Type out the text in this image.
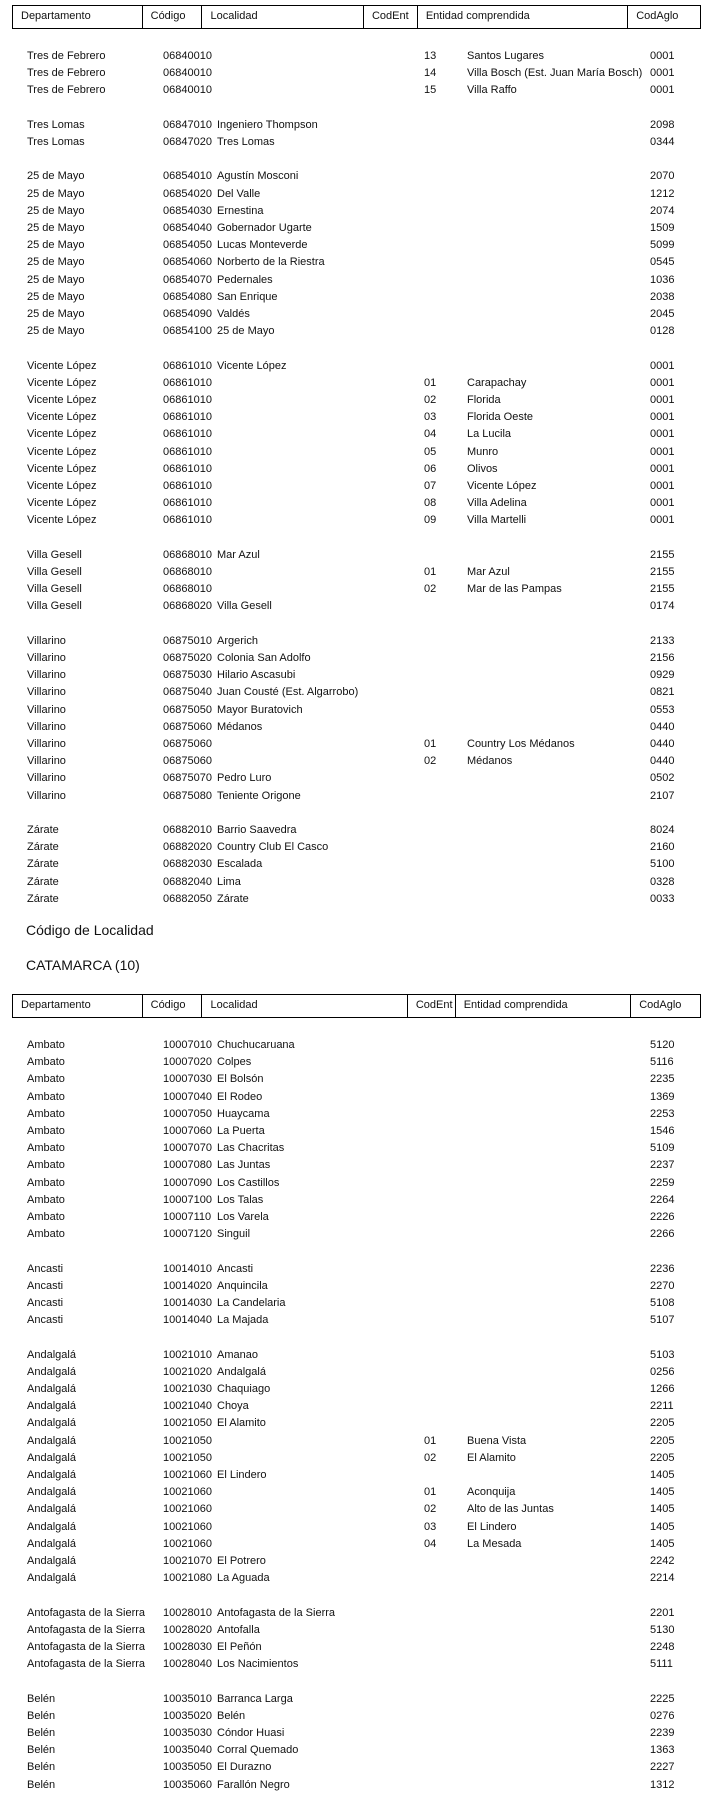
Departamento	Código	Localidad	CodEnt	Entidad comprendida	CodAglo
Tres de Febrero	06840010	13	Santos Lugares	0001
Tres de Febrero	06840010	14	Villa Bosch (Est. Juan María Bosch) 0001
Tres de Febrero	06840010	15	Villa Raffo	0001
Tres Lomas	06847010 Ingeniero Thompson	2098
Tres Lomas	06847020 Tres Lomas	0344
25 de Mayo	06854010 Agustín Mosconi	2070
25 de Mayo	06854020 Del Valle	1212
25 de Mayo	06854030 Ernestina	2074
25 de Mayo	06854040 Gobernador Ugarte	1509
25 de Mayo	06854050 Lucas Monteverde	5099
25 de Mayo	06854060 Norberto de la Riestra	0545
25 de Mayo	06854070 Pedernales	1036
25 de Mayo	06854080 San Enrique	2038
25 de Mayo	06854090 Valdés	2045
25 de Mayo	06854100 25 de Mayo	0128
Vicente López	06861010 Vicente López	0001
Vicente López	06861010	01	Carapachay	0001
Vicente López	06861010	02	Florida	0001
Vicente López	06861010	03	Florida Oeste	0001
Vicente López	06861010	04	La Lucila	0001
Vicente López	06861010	05	Munro	0001
Vicente López	06861010	06	Olivos	0001
Vicente López	06861010	07	Vicente López	0001
Vicente López	06861010	08	Villa Adelina	0001
Vicente López	06861010	09	Villa Martelli	0001
Villa Gesell	06868010 Mar Azul	2155
Villa Gesell	06868010	01	Mar Azul	2155
Villa Gesell	06868010	02	Mar de las Pampas	2155
Villa Gesell	06868020 Villa Gesell	0174
Villarino	06875010 Argerich	2133
Villarino	06875020 Colonia San Adolfo	2156
Villarino	06875030 Hilario Ascasubi	0929
Villarino	06875040 Juan Cousté (Est. Algarrobo)	0821
Villarino	06875050 Mayor Buratovich	0553
Villarino	06875060 Médanos	0440
Villarino	06875060	01	Country Los Médanos	0440
Villarino	06875060	02	Médanos	0440
Villarino	06875070 Pedro Luro	0502
Villarino	06875080 Teniente Origone	2107
Zárate	06882010 Barrio Saavedra	8024
Zárate	06882020 Country Club El Casco	2160
Zárate	06882030 Escalada	5100
Zárate	06882040 Lima	0328
Zárate	06882050 Zárate	0033
Código de Localidad
CATAMARCA (10)
Departamento	Código	Localidad	CodEnt	Entidad comprendida	CodAglo
Ambato	10007010 Chuchucaruana	5120
Ambato	10007020 Colpes	5116
Ambato	10007030 El Bolsón	2235
Ambato	10007040 El Rodeo	1369
Ambato	10007050 Huaycama	2253
Ambato	10007060 La Puerta	1546
Ambato	10007070 Las Chacritas	5109
Ambato	10007080 Las Juntas	2237
Ambato	10007090 Los Castillos	2259
Ambato	10007100 Los Talas	2264
Ambato	10007110 Los Varela	2226
Ambato	10007120 Singuil	2266
Ancasti	10014010 Ancasti	2236
Ancasti	10014020 Anquincila	2270
Ancasti	10014030 La Candelaria	5108
Ancasti	10014040 La Majada	5107
Andalgalá	10021010 Amanao	5103
Andalgalá	10021020 Andalgalá	0256
Andalgalá	10021030 Chaquiago	1266
Andalgalá	10021040 Choya	2211
Andalgalá	10021050 El Alamito	2205
Andalgalá	10021050	01	Buena Vista	2205
Andalgalá	10021050	02	El Alamito	2205
Andalgalá	10021060 El Lindero	1405
Andalgalá	10021060	01	Aconquija	1405
Andalgalá	10021060	02	Alto de las Juntas	1405
Andalgalá	10021060	03	El Lindero	1405
Andalgalá	10021060	04	La Mesada	1405
Andalgalá	10021070 El Potrero	2242
Andalgalá	10021080 La Aguada	2214
Antofagasta de la Sierra 10028010 Antofagasta de la Sierra	2201
Antofagasta de la Sierra 10028020 Antofalla	5130
Antofagasta de la Sierra 10028030 El Peñón	2248
Antofagasta de la Sierra 10028040 Los Nacimientos	5111
Belén	10035010 Barranca Larga	2225
Belén	10035020 Belén	0276
Belén	10035030 Cóndor Huasi	2239
Belén	10035040 Corral Quemado	1363
Belén	10035050 El Durazno	2227
Belén	10035060 Farallón Negro	1312
